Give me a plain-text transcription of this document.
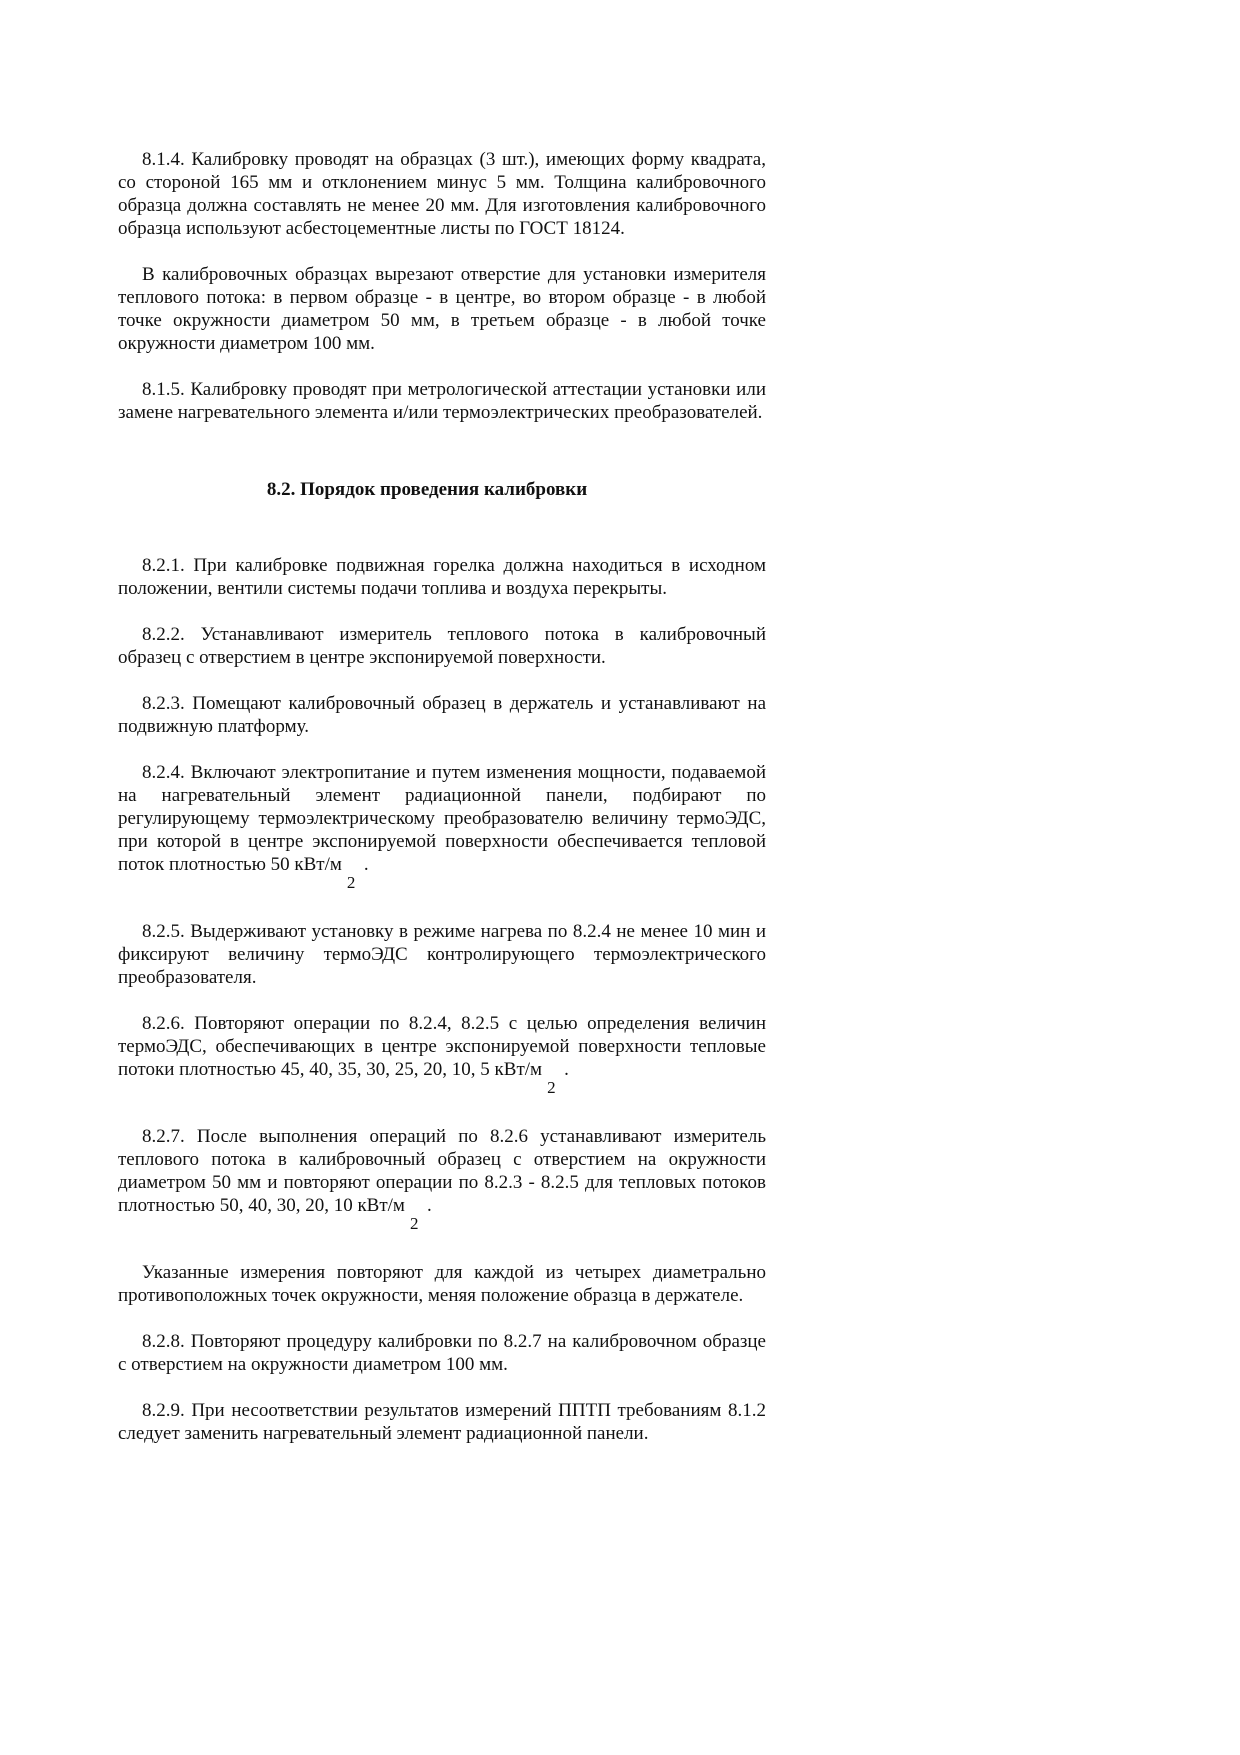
8.1.4. Калибровку проводят на образцах (3 шт.), имеющих форму квадрата, со стороной 165 мм и отклонением минус 5 мм. Толщина калибровочного образца должна составлять не менее 20 мм. Для изготовления калибровочного образца используют асбестоцементные листы по ГОСТ 18124.

В калибровочных образцах вырезают отверстие для установки измерителя теплового потока: в первом образце - в центре, во втором образце - в любой точке окружности диаметром 50 мм, в третьем образце - в любой точке окружности диаметром 100 мм.

8.1.5. Калибровку проводят при метрологической аттестации установки или замене нагревательного элемента и/или термоэлектрических преобразователей.

8.2. Порядок проведения калибровки

8.2.1. При калибровке подвижная горелка должна находиться в исходном положении, вентили системы подачи топлива и воздуха перекрыты.

8.2.2. Устанавливают измеритель теплового потока в калибровочный образец с отверстием в центре экспонируемой поверхности.

8.2.3. Помещают калибровочный образец в держатель и устанавливают на подвижную платформу.

8.2.4. Включают электропитание и путем изменения мощности, подаваемой на нагревательный элемент радиационной панели, подбирают по регулирующему термоэлектрическому преобразователю величину термоЭДС, при которой в центре экспонируемой поверхности обеспечивается тепловой поток плотностью 50 кВт/м
2
.

8.2.5. Выдерживают установку в режиме нагрева по 8.2.4 не менее 10 мин и фиксируют величину термоЭДС контролирующего термоэлектрического преобразователя.

8.2.6. Повторяют операции по 8.2.4, 8.2.5 с целью определения величин термоЭДС, обеспечивающих в центре экспонируемой поверхности тепловые потоки плотностью 45, 40, 35, 30, 25, 20, 10, 5 кВт/м
2
.

8.2.7. После выполнения операций по 8.2.6 устанавливают измеритель теплового потока в калибровочный образец с отверстием на окружности диаметром 50 мм и повторяют операции по 8.2.3 - 8.2.5 для тепловых потоков плотностью 50, 40, 30, 20, 10 кВт/м
2
.

Указанные измерения повторяют для каждой из четырех диаметрально противоположных точек окружности, меняя положение образца в держателе.

8.2.8. Повторяют процедуру калибровки по 8.2.7 на калибровочном образце с отверстием на окружности диаметром 100 мм.

8.2.9. При несоответствии результатов измерений ППТП требованиям 8.1.2 следует заменить нагревательный элемент радиационной панели.
